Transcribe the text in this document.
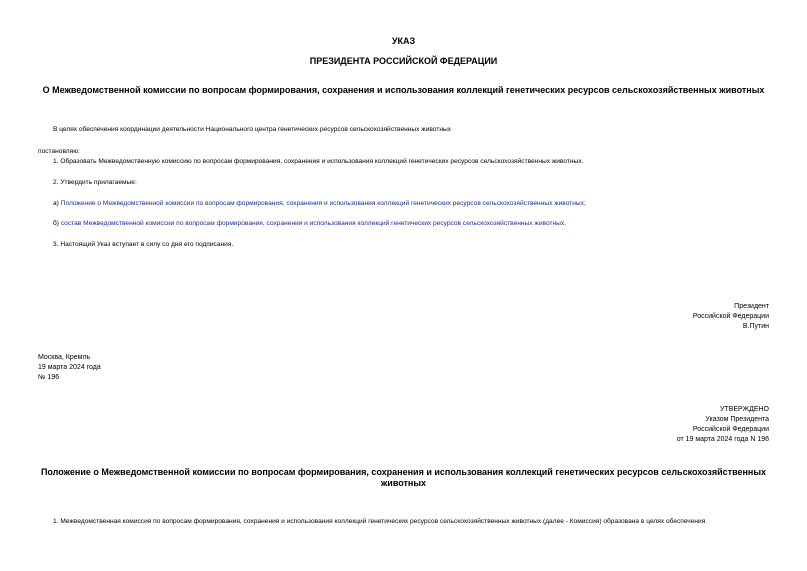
УКАЗ
ПРЕЗИДЕНТА РОССИЙСКОЙ ФЕДЕРАЦИИ
О Межведомственной комиссии по вопросам формирования, сохранения и использования коллекций генетических ресурсов сельскохозяйственных животных
В целях обеспечения координации деятельности Национального центра генетических ресурсов сельскохозяйственных животных
постановляю:
1. Образовать Межведомственную комиссию по вопросам формирования, сохранения и использования коллекций генетических ресурсов сельскохозяйственных животных.
2. Утвердить прилагаемые:
а) Положение о Межведомственной комиссии по вопросам формирования, сохранения и использования коллекций генетических ресурсов сельскохозяйственных животных;
б) состав Межведомственной комиссии по вопросам формирования, сохранения и использования коллекций генетических ресурсов сельскохозяйственных животных.
3. Настоящий Указ вступает в силу со дня его подписания.
Президент
Российской Федерации
В.Путин
Москва, Кремль
19 марта 2024 года
№ 196
УТВЕРЖДЕНО
Указом Президента
Российской Федерации
от 19 марта 2024 года N 196
Положение о Межведомственной комиссии по вопросам формирования, сохранения и использования коллекций генетических ресурсов сельскохозяйственных
животных
1. Межведомственная комиссия по вопросам формирования, сохранения и использования коллекций генетических ресурсов сельскохозяйственных животных (далее - Комиссия) образована в целях обеспечения
